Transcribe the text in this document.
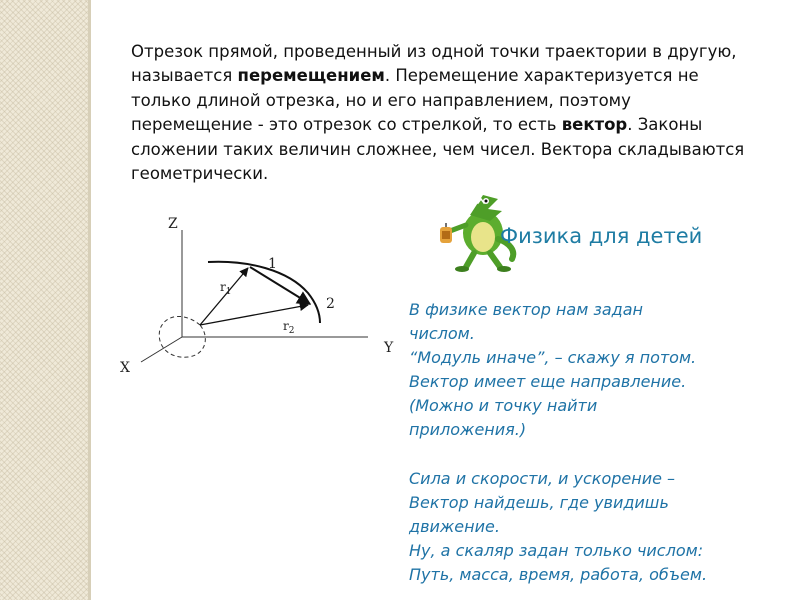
Отрезок прямой, проведенный из одной точки траектории в другую, называется перемещением. Перемещение характеризуется не только длиной отрезка, но и его направлением, поэтому перемещение - это отрезок со стрелкой, то есть вектор. Законы сложении таких величин сложнее, чем чисел. Вектора складываются геометрически.

Z
Y
X
$r_1$
$r_2$
1
2
Физика для детей
В физике вектор нам задан
числом.
“Модуль иначе”, – скажу я потом.
Вектор имеет еще направление.
(Можно и точку найти
приложения.)
Сила и скорости, и ускорение –
Вектор найдешь, где увидишь
движение.
Ну, а скаляр задан только числом:
Путь, масса, время, работа, объем.
